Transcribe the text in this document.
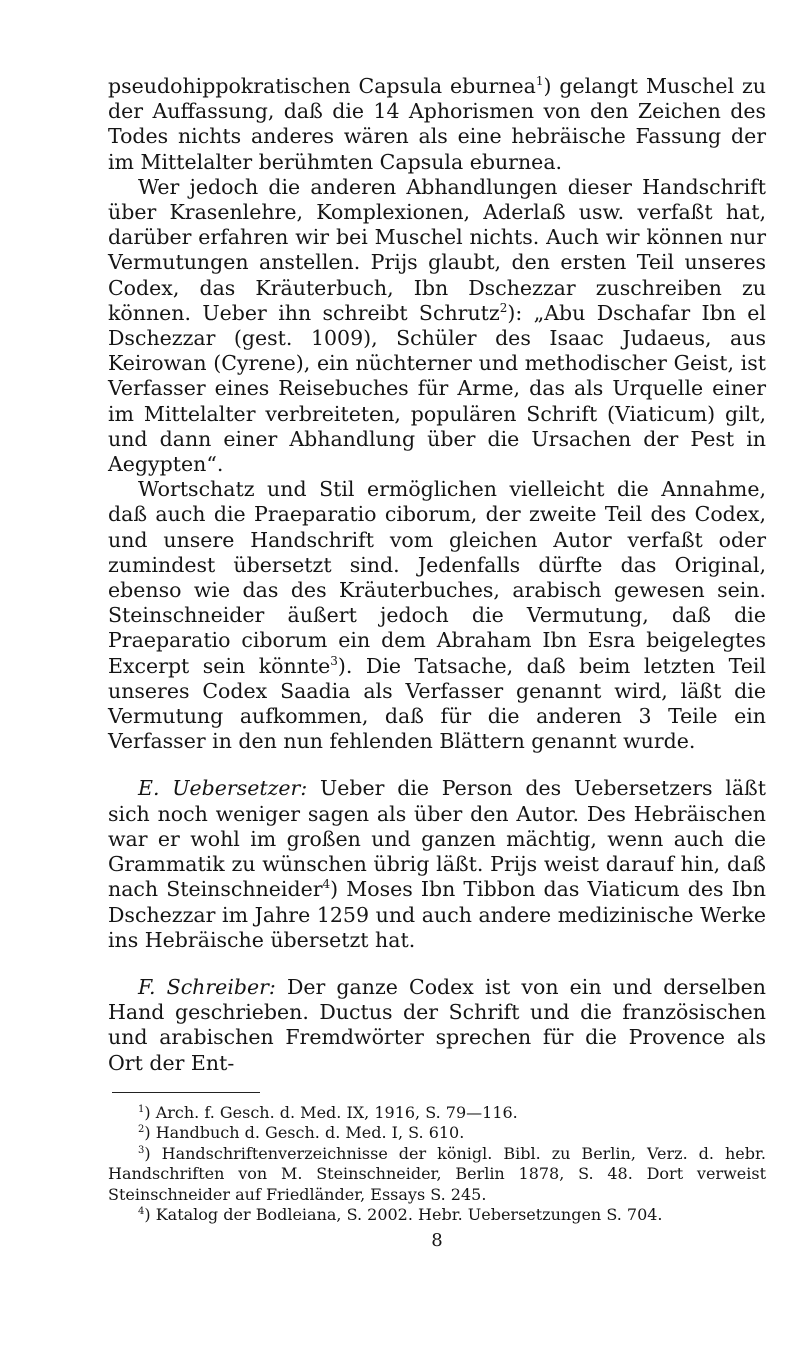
pseudohippokratischen Capsula eburnea$^1$) gelangt Muschel zu der Auffassung, daß die 14 Aphorismen von den Zeichen des Todes nichts anderes wären als eine hebräische Fassung der im Mittelalter berühmten Capsula eburnea.

Wer jedoch die anderen Abhandlungen dieser Handschrift über Krasenlehre, Komplexionen, Aderlaß usw. verfaßt hat, darüber erfahren wir bei Muschel nichts. Auch wir können nur Vermutungen anstellen. Prijs glaubt, den ersten Teil unseres Codex, das Kräuterbuch, Ibn Dschezzar zuschreiben zu können. Ueber ihn schreibt Schrutz$^2$): „Abu Dschafar Ibn el Dschezzar (gest. 1009), Schüler des Isaac Judaeus, aus Keirowan (Cyrene), ein nüchterner und methodischer Geist, ist Verfasser eines Reisebuches für Arme, das als Urquelle einer im Mittelalter verbreiteten, populären Schrift (Viaticum) gilt, und dann einer Abhandlung über die Ursachen der Pest in Aegypten“.

Wortschatz und Stil ermöglichen vielleicht die Annahme, daß auch die Praeparatio ciborum, der zweite Teil des Codex, und unsere Handschrift vom gleichen Autor verfaßt oder zumindest übersetzt sind. Jedenfalls dürfte das Original, ebenso wie das des Kräuterbuches, arabisch gewesen sein. Steinschneider äußert jedoch die Vermutung, daß die Praeparatio ciborum ein dem Abraham Ibn Esra beigelegtes Excerpt sein könnte$^3$). Die Tatsache, daß beim letzten Teil unseres Codex Saadia als Verfasser genannt wird, läßt die Vermutung aufkommen, daß für die anderen 3 Teile ein Verfasser in den nun fehlenden Blättern genannt wurde.

E. Uebersetzer: Ueber die Person des Uebersetzers läßt sich noch weniger sagen als über den Autor. Des Hebräischen war er wohl im großen und ganzen mächtig, wenn auch die Grammatik zu wünschen übrig läßt. Prijs weist darauf hin, daß nach Steinschneider$^4$) Moses Ibn Tibbon das Viaticum des Ibn Dschezzar im Jahre 1259 und auch andere medizinische Werke ins Hebräische übersetzt hat.

F. Schreiber: Der ganze Codex ist von ein und derselben Hand geschrieben. Ductus der Schrift und die französischen und arabischen Fremdwörter sprechen für die Provence als Ort der Ent-

$^1$) Arch. f. Gesch. d. Med. IX, 1916, S. 79—116.

$^2$) Handbuch d. Gesch. d. Med. I, S. 610.

$^3$) Handschriftenverzeichnisse der königl. Bibl. zu Berlin, Verz. d. hebr. Handschriften von M. Steinschneider, Berlin 1878, S. 48. Dort verweist Steinschneider auf Friedländer, Essays S. 245.

$^4$) Katalog der Bodleiana, S. 2002. Hebr. Uebersetzungen S. 704.

8
